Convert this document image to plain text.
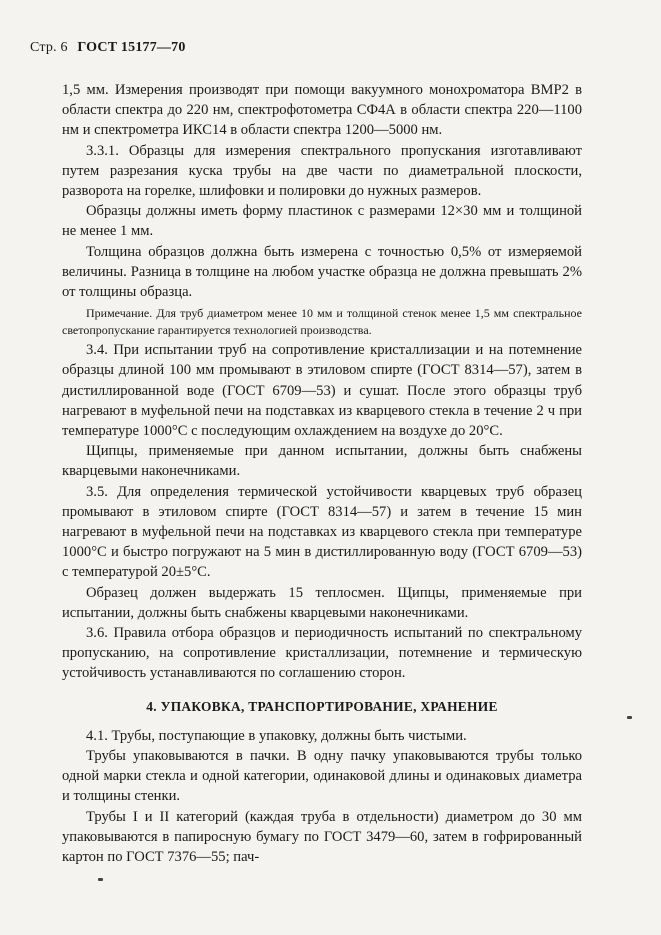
Стр. 6 ГОСТ 15177—70

1,5 мм. Измерения производят при помощи вакуумного монохроматора ВМР2 в области спектра до 220 нм, спектрофотометра СФ4А в области спектра 220—1100 нм и спектрометра ИКС14 в области спектра 1200—5000 нм.

3.3.1. Образцы для измерения спектрального пропускания изготавливают путем разрезания куска трубы на две части по диаметральной плоскости, разворота на горелке, шлифовки и полировки до нужных размеров.

Образцы должны иметь форму пластинок с размерами 12×30 мм и толщиной не менее 1 мм.

Толщина образцов должна быть измерена с точностью 0,5% от измеряемой величины. Разница в толщине на любом участке образца не должна превышать 2% от толщины образца.

Примечание. Для труб диаметром менее 10 мм и толщиной стенок менее 1,5 мм спектральное светопропускание гарантируется технологией производства.

3.4. При испытании труб на сопротивление кристаллизации и на потемнение образцы длиной 100 мм промывают в этиловом спирте (ГОСТ 8314—57), затем в дистиллированной воде (ГОСТ 6709—53) и сушат. После этого образцы труб нагревают в муфельной печи на подставках из кварцевого стекла в течение 2 ч при температуре 1000°С с последующим охлаждением на воздухе до 20°С.

Щипцы, применяемые при данном испытании, должны быть снабжены кварцевыми наконечниками.

3.5. Для определения термической устойчивости кварцевых труб образец промывают в этиловом спирте (ГОСТ 8314—57) и затем в течение 15 мин нагревают в муфельной печи на подставках из кварцевого стекла при температуре 1000°С и быстро погружают на 5 мин в дистиллированную воду (ГОСТ 6709—53) с температурой 20±5°С.

Образец должен выдержать 15 теплосмен. Щипцы, применяемые при испытании, должны быть снабжены кварцевыми наконечниками.

3.6. Правила отбора образцов и периодичность испытаний по спектральному пропусканию, на сопротивление кристаллизации, потемнение и термическую устойчивость устанавливаются по соглашению сторон.

4. УПАКОВКА, ТРАНСПОРТИРОВАНИЕ, ХРАНЕНИЕ

4.1. Трубы, поступающие в упаковку, должны быть чистыми.

Трубы упаковываются в пачки. В одну пачку упаковываются трубы только одной марки стекла и одной категории, одинаковой длины и одинаковых диаметра и толщины стенки.

Трубы I и II категорий (каждая труба в отдельности) диаметром до 30 мм упаковываются в папиросную бумагу по ГОСТ 3479—60, затем в гофрированный картон по ГОСТ 7376—55; пач-
